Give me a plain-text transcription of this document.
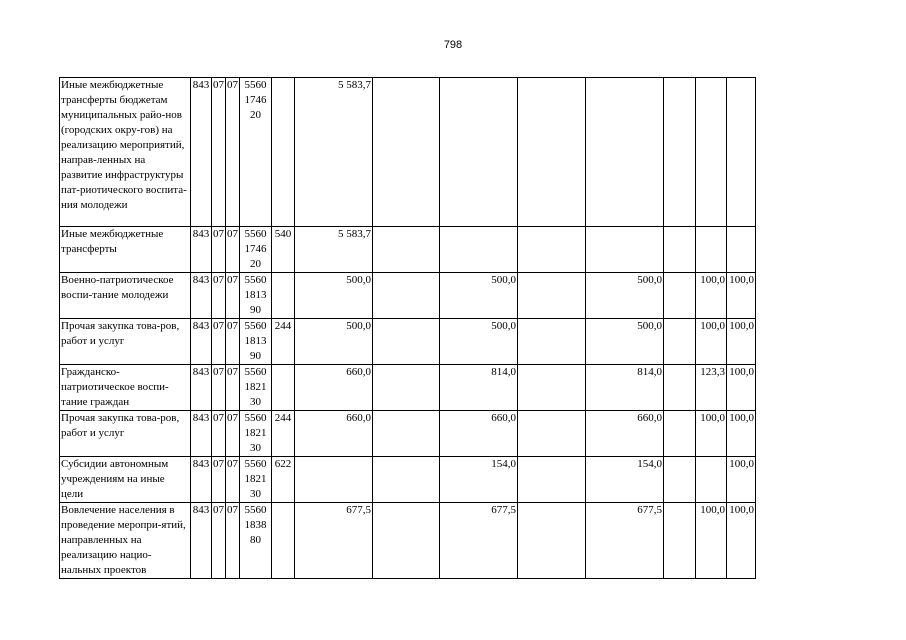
798
Иные межбюджетные трансферты бюджетам муниципальных райо-нов (городских окру-гов) на реализацию мероприятий, направ-ленных на развитие инфраструктуры пат-риотического воспита-ния молодежи	843	07	07	5560 1746 20		5 583,7							
Иные межбюджетные трансферты	843	07	07	5560 1746 20	540	5 583,7							
Военно-патриотическое воспи-тание молодежи	843	07	07	5560 1813 90		500,0		500,0		500,0		100,0	100,0
Прочая закупка това-ров, работ и услуг	843	07	07	5560 1813 90	244	500,0		500,0		500,0		100,0	100,0
Гражданско-патриотическое воспи-тание граждан	843	07	07	5560 1821 30		660,0		814,0		814,0		123,3	100,0
Прочая закупка това-ров, работ и услуг	843	07	07	5560 1821 30	244	660,0		660,0		660,0		100,0	100,0
Субсидии автономным учреждениям на иные цели	843	07	07	5560 1821 30	622			154,0		154,0			100,0
Вовлечение населения в проведение меропри-ятий, направленных на реализацию нацио-нальных проектов	843	07	07	5560 1838 80		677,5		677,5		677,5		100,0	100,0
